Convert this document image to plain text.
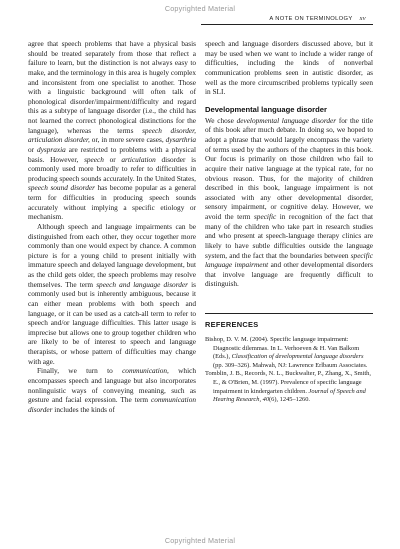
Copyrighted Material
A NOTE ON TERMINOLOGY xv

agree that speech problems that have a physical basis should be treated separately from those that reflect a failure to learn, but the distinction is not always easy to make, and the terminology in this area is hugely complex and inconsistent from one specialist to another. Those with a linguistic background will often talk of phonological disorder/impairment/difficulty and regard this as a subtype of language disorder (i.e., the child has not learned the correct phonological distinctions for the language), whereas the terms speech disorder, articulation disorder, or, in more severe cases, dysarthria or dyspraxia are restricted to problems with a physical basis. However, speech or articulation disorder is commonly used more broadly to refer to difficulties in producing speech sounds accurately. In the United States, speech sound disorder has become popular as a general term for difficulties in producing speech sounds accurately without implying a specific etiology or mechanism.

Although speech and language impairments can be distinguished from each other, they occur together more commonly than one would expect by chance. A common picture is for a young child to present initially with immature speech and delayed language development, but as the child gets older, the speech problems may resolve themselves. The term speech and language disorder is commonly used but is inherently ambiguous, because it can either mean problems with both speech and language, or it can be used as a catch-all term to refer to speech and/or language difficulties. This latter usage is imprecise but allows one to group together children who are likely to be of interest to speech and language therapists, or whose pattern of difficulties may change with age.

Finally, we turn to communication, which encompasses speech and language but also incorporates nonlinguistic ways of conveying meaning, such as gesture and facial expression. The term communication disorder includes the kinds of

speech and language disorders discussed above, but it may be used when we want to include a wider range of difficulties, including the kinds of nonverbal communication problems seen in autistic disorder, as well as the more circumscribed problems typically seen in SLI.

Developmental language disorder

We chose developmental language disorder for the title of this book after much debate. In doing so, we hoped to adopt a phrase that would largely encompass the variety of terms used by the authors of the chapters in this book. Our focus is primarily on those children who fail to acquire their native language at the typical rate, for no obvious reason. Thus, for the majority of children described in this book, language impairment is not associated with any other developmental disorder, sensory impairment, or cognitive delay. However, we avoid the term specific in recognition of the fact that many of the children who take part in research studies and who present at speech-language therapy clinics are likely to have subtle difficulties outside the language system, and the fact that the boundaries between specific language impairment and other developmental disorders that involve language are frequently difficult to distinguish.

REFERENCES

Bishop, D. V. M. (2004). Specific language impairment: Diagnostic dilemmas. In L. Verhoeven & H. Van Balkom (Eds.), Classification of developmental language disorders (pp. 309–326). Mahwah, NJ: Lawrence Erlbaum Associates.

Tomblin, J. B., Records, N. L., Buckwalter, P., Zhang, X., Smith, E., & O'Brien, M. (1997). Prevalence of specific language impairment in kindergarten children. Journal of Speech and Hearing Research, 40(6), 1245–1260.

Copyrighted Material
